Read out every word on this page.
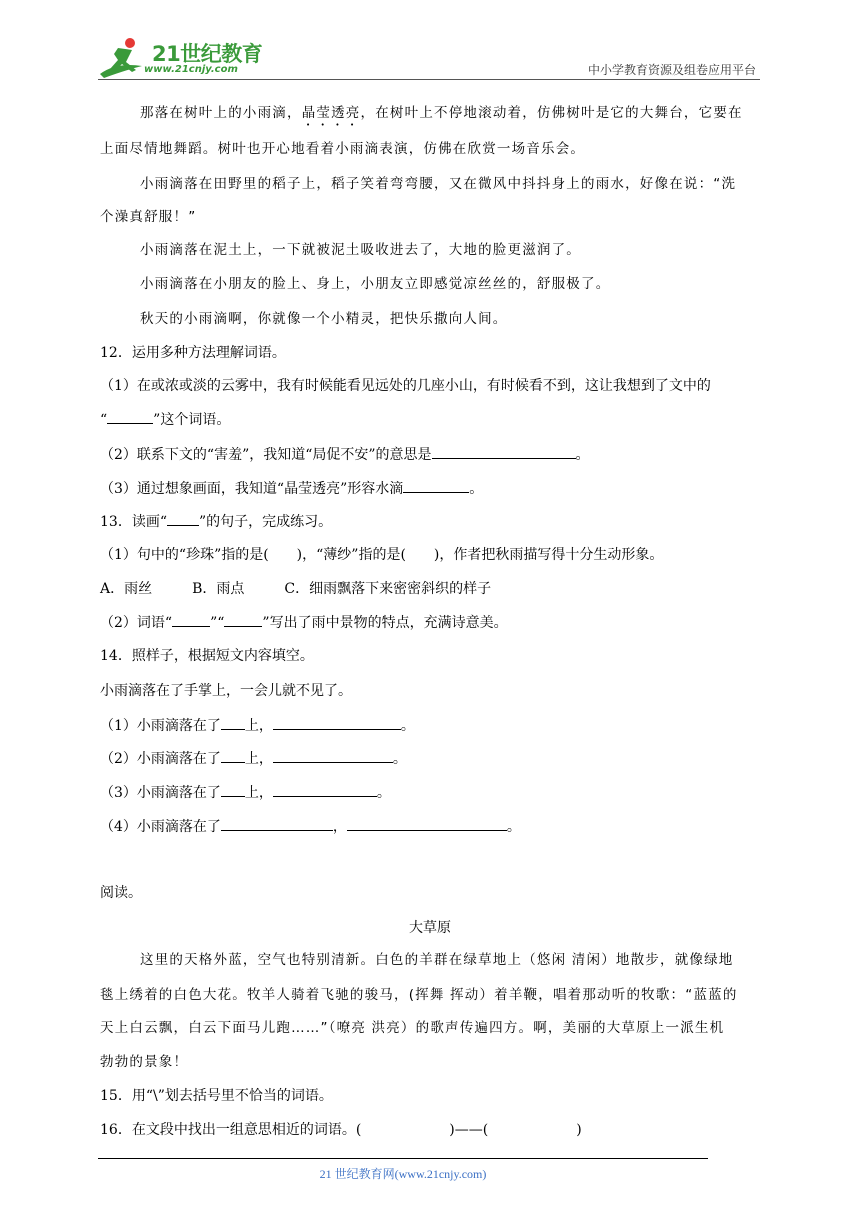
21世纪教育
www.21cnjy.com	中小学教育资源及组卷应用平台
那落在树叶上的小雨滴，晶莹透亮，在树叶上不停地滚动着，仿佛树叶是它的大舞台，它要在
上面尽情地舞蹈。树叶也开心地看着小雨滴表演，仿佛在欣赏一场音乐会。
小雨滴落在田野里的稻子上，稻子笑着弯弯腰，又在微风中抖抖身上的雨水，好像在说：“洗
个澡真舒服！”
小雨滴落在泥土上，一下就被泥土吸收进去了，大地的脸更滋润了。
小雨滴落在小朋友的脸上、身上，小朋友立即感觉凉丝丝的，舒服极了。
秋天的小雨滴啊，你就像一个小精灵，把快乐撒向人间。
12．运用多种方法理解词语。
（1）在或浓或淡的云雾中，我有时候能看见远处的几座小山，有时候看不到，这让我想到了文中的
“	”这个词语。
（2）联系下文的“害羞”，我知道“局促不安”的意思是	。
（3）通过想象画面，我知道“晶莹透亮”形容水滴	。
13．读画“ ”的句子，完成练习。
（1）句中的“珍珠”指的是(　　)，“薄纱”指的是(　　)，作者把秋雨描写得十分生动形象。
A．雨丝	B．雨点	C．细雨飘落下来密密斜织的样子
（2）词语“	”“	”写出了雨中景物的特点，充满诗意美。
14．照样子，根据短文内容填空。
小雨滴落在了手掌上，一会儿就不见了。
（1）小雨滴落在了 上，	。
（2）小雨滴落在了 上，	。
（3）小雨滴落在了 上，	。
（4）小雨滴落在了	，	。
阅读。
大草原
这里的天格外蓝，空气也特别清新。白色的羊群在绿草地上（悠闲 清闲）地散步，就像绿地
毯上绣着的白色大花。牧羊人骑着飞驰的骏马，(挥舞 挥动）着羊鞭，唱着那动听的牧歌：“蓝蓝的
天上白云飘，白云下面马儿跑……”（嘹亮 洪亮）的歌声传遍四方。啊，美丽的大草原上一派生机
勃勃的景象！
15．用“\”划去括号里不恰当的词语。
16．在文段中找出一组意思相近的词语。(	)——(	)
21 世纪教育网(www.21cnjy.com)
